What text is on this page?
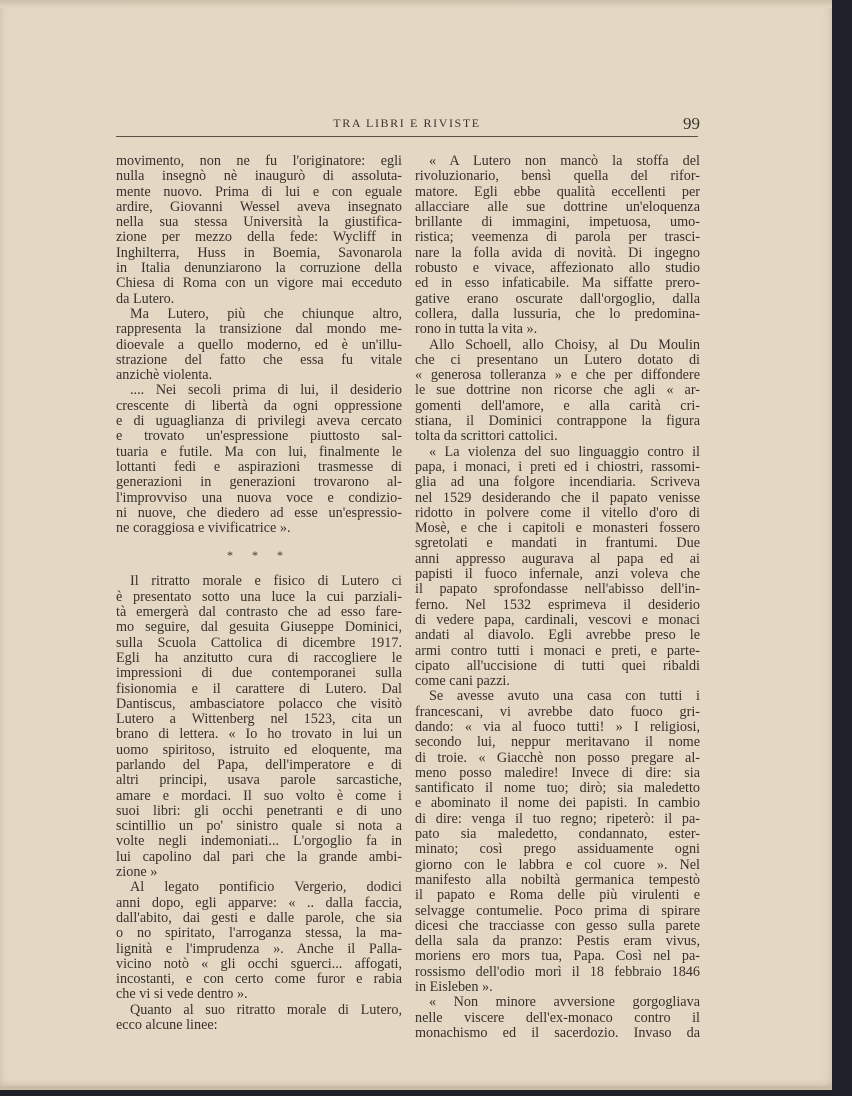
TRA LIBRI E RIVISTE	99
movimento, non ne fu l'originatore: egli
nulla insegnò nè inaugurò di assoluta-
mente nuovo. Prima di lui e con eguale
ardire, Giovanni Wessel aveva insegnato
nella sua stessa Università la giustifica-
zione per mezzo della fede: Wycliff in
Inghilterra, Huss in Boemia, Savonarola
in Italia denunziarono la corruzione della
Chiesa di Roma con un vigore mai ecceduto
da Lutero.
Ma Lutero, più che chiunque altro,
rappresenta la transizione dal mondo me-
dioevale a quello moderno, ed è un'illu-
strazione del fatto che essa fu vitale
anzichè violenta.
.... Nei secoli prima di lui, il desiderio
crescente di libertà da ogni oppressione
e di uguaglianza di privilegi aveva cercato
e trovato un'espressione piuttosto sal-
tuaria e futile. Ma con lui, finalmente le
lottanti fedi e aspirazioni trasmesse di
generazioni in generazioni trovarono al-
l'improvviso una nuova voce e condizio-
ni nuove, che diedero ad esse un'espressio-
ne coraggiosa e vivificatrice ».
* * *
Il ritratto morale e fisico di Lutero ci
è presentato sotto una luce la cui parziali-
tà emergerà dal contrasto che ad esso fare-
mo seguire, dal gesuita Giuseppe Dominici,
sulla Scuola Cattolica di dicembre 1917.
Egli ha anzitutto cura di raccogliere le
impressioni di due contemporanei sulla
fisionomia e il carattere di Lutero. Dal
Dantiscus, ambasciatore polacco che visitò
Lutero a Wittenberg nel 1523, cita un
brano di lettera. « Io ho trovato in lui un
uomo spiritoso, istruito ed eloquente, ma
parlando del Papa, dell'imperatore e di
altri principi, usava parole sarcastiche,
amare e mordaci. Il suo volto è come i
suoi libri: gli occhi penetranti e di uno
scintillio un po' sinistro quale si nota a
volte negli indemoniati... L'orgoglio fa in
lui capolino dal pari che la grande ambi-
zione »
Al legato pontificio Vergerio, dodici
anni dopo, egli apparve: « .. dalla faccia,
dall'abito, dai gesti e dalle parole, che sia
o no spiritato, l'arroganza stessa, la ma-
lignità e l'imprudenza ». Anche il Palla-
vicino notò « gli occhi sguerci... affogati,
incostanti, e con certo come furor e rabia
che vi si vede dentro ».
Quanto al suo ritratto morale di Lutero,
ecco alcune linee:
« A Lutero non mancò la stoffa del
rivoluzionario, bensì quella del rifor-
matore. Egli ebbe qualità eccellenti per
allacciare alle sue dottrine un'eloquenza
brillante di immagini, impetuosa, umo-
ristica; veemenza di parola per trasci-
nare la folla avida di novità. Di ingegno
robusto e vivace, affezionato allo studio
ed in esso infaticabile. Ma siffatte prero-
gative erano oscurate dall'orgoglio, dalla
collera, dalla lussuria, che lo predomina-
rono in tutta la vita ».
Allo Schoell, allo Choisy, al Du Moulin
che ci presentano un Lutero dotato di
« generosa tolleranza » e che per diffondere
le sue dottrine non ricorse che agli « ar-
gomenti dell'amore, e alla carità cri-
stiana, il Dominici contrappone la figura
tolta da scrittori cattolici.
« La violenza del suo linguaggio contro il
papa, i monaci, i preti ed i chiostri, rassomi-
glia ad una folgore incendiaria. Scriveva
nel 1529 desiderando che il papato venisse
ridotto in polvere come il vitello d'oro di
Mosè, e che i capitoli e monasteri fossero
sgretolati e mandati in frantumi. Due
anni appresso augurava al papa ed ai
papisti il fuoco infernale, anzi voleva che
il papato sprofondasse nell'abisso dell'in-
ferno. Nel 1532 esprimeva il desiderio
di vedere papa, cardinali, vescovi e monaci
andati al diavolo. Egli avrebbe preso le
armi contro tutti i monaci e preti, e parte-
cipato all'uccisione di tutti quei ribaldi
come cani pazzi.
Se avesse avuto una casa con tutti i
francescani, vi avrebbe dato fuoco gri-
dando: « via al fuoco tutti! » I religiosi,
secondo lui, neppur meritavano il nome
di troie. « Giacchè non posso pregare al-
meno posso maledire! Invece di dire: sia
santificato il nome tuo; dirò; sia maledetto
e abominato il nome dei papisti. In cambio
di dire: venga il tuo regno; ripeterò: il pa-
pato sia maledetto, condannato, ester-
minato; così prego assiduamente ogni
giorno con le labbra e col cuore ». Nel
manifesto alla nobiltà germanica tempestò
il papato e Roma delle più virulenti e
selvagge contumelie. Poco prima di spirare
dicesi che tracciasse con gesso sulla parete
della sala da pranzo: Pestis eram vivus,
moriens ero mors tua, Papa. Così nel pa-
rossismo dell'odio morì il 18 febbraio 1846
in Eisleben ».
« Non minore avversione gorgogliava
nelle viscere dell'ex-monaco contro il
monachismo ed il sacerdozio. Invaso da
